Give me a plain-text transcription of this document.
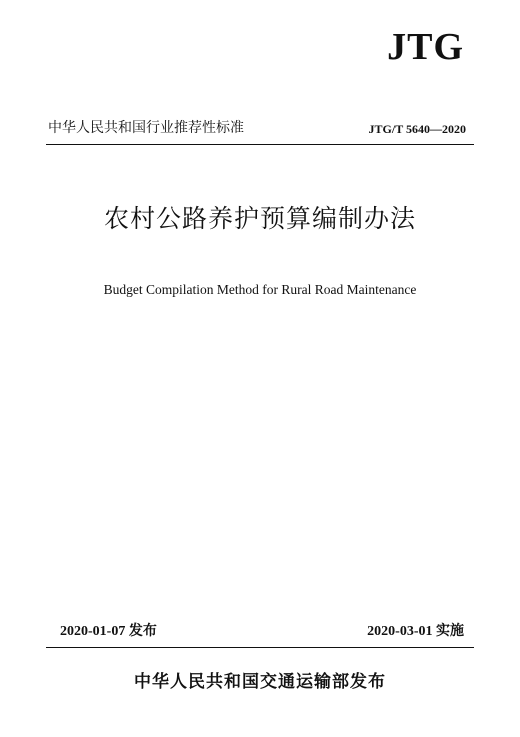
JTG
中华人民共和国行业推荐性标准	JTG/T 5640—2020
农村公路养护预算编制办法
Budget Compilation Method for Rural Road Maintenance
2020-01-07 发布	2020-03-01 实施
中华人民共和国交通运输部发布
